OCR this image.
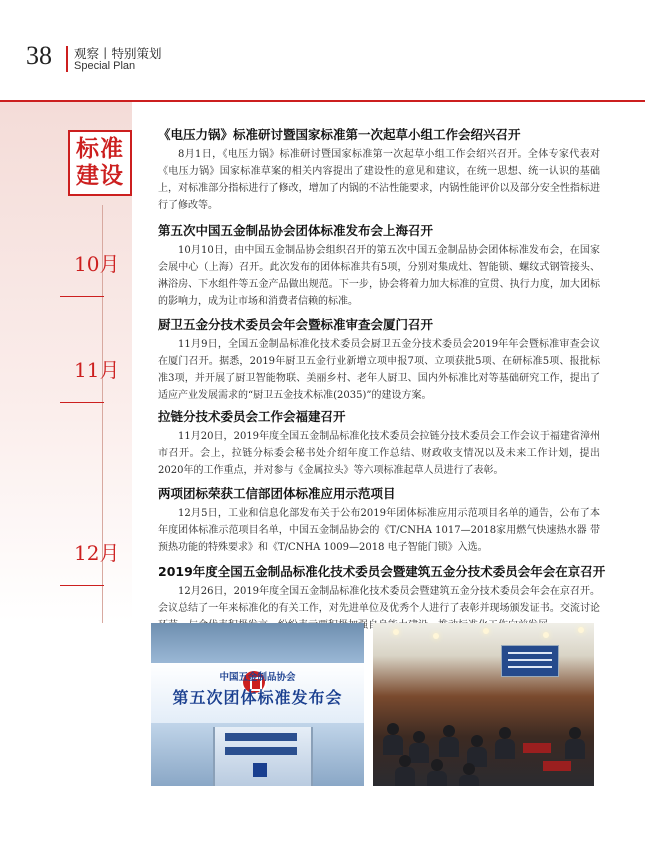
38 观察丨特别策划
Special Plan
标准
建设
10月
11月
12月

《电压力锅》标准研讨暨国家标准第一次起草小组工作会绍兴召开

8月1日，《电压力锅》标准研讨暨国家标准第一次起草小组工作会绍兴召开。全体专家代表对《电压力锅》国家标准草案的相关内容提出了建设性的意见和建议，在统一思想、统一认识的基础上，对标准部分指标进行了修改，增加了内锅的不沾性能要求，内锅性能评价以及部分安全性指标进行了修改等。

第五次中国五金制品协会团体标准发布会上海召开

10月10日，由中国五金制品协会组织召开的第五次中国五金制品协会团体标准发布会，在国家会展中心（上海）召开。此次发布的团体标准共有5项，分别对集成灶、智能锁、螺纹式钢管接头、淋浴房、下水组件等五金产品做出规范。下一步，协会将着力加大标准的宣贯、执行力度，加大团标的影响力，成为让市场和消费者信赖的标准。

厨卫五金分技术委员会年会暨标准审查会厦门召开

11月9日，全国五金制品标准化技术委员会厨卫五金分技术委员会2019年年会暨标准审查会议在厦门召开。据悉，2019年厨卫五金行业新增立项申报7项、立项获批5项、在研标准5项、报批标准3项，并开展了厨卫智能物联、美丽乡村、老年人厨卫、国内外标准比对等基础研究工作，提出了适应产业发展需求的“厨卫五金技术标准(2035)”的建设方案。

拉链分技术委员会工作会福建召开

11月20日，2019年度全国五金制品标准化技术委员会拉链分技术委员会工作会议于福建省漳州市召开。会上，拉链分标委会秘书处介绍年度工作总结、财政收支情况以及未来工作计划，提出2020年的工作重点，并对参与《金属拉头》等六项标准起草人员进行了表彰。

两项团标荣获工信部团体标准应用示范项目

12月5日，工业和信息化部发布关于公布2019年团体标准应用示范项目名单的通告，公布了本年度团体标准示范项目名单，中国五金制品协会的《T/CNHA 1017—2018家用燃气快速热水器 带预热功能的特殊要求》和《T/CNHA 1009—2018 电子智能门锁》入选。

2019年度全国五金制品标准化技术委员会暨建筑五金分技术委员会年会在京召开

12月26日，2019年度全国五金制品标准化技术委员会暨建筑五金分技术委员会年会在京召开。会议总结了一年来标准化的有关工作，对先进单位及优秀个人进行了表彰并现场颁发证书。交流讨论 加强自身

中国五金制品协会
第五次团体标准发布会
